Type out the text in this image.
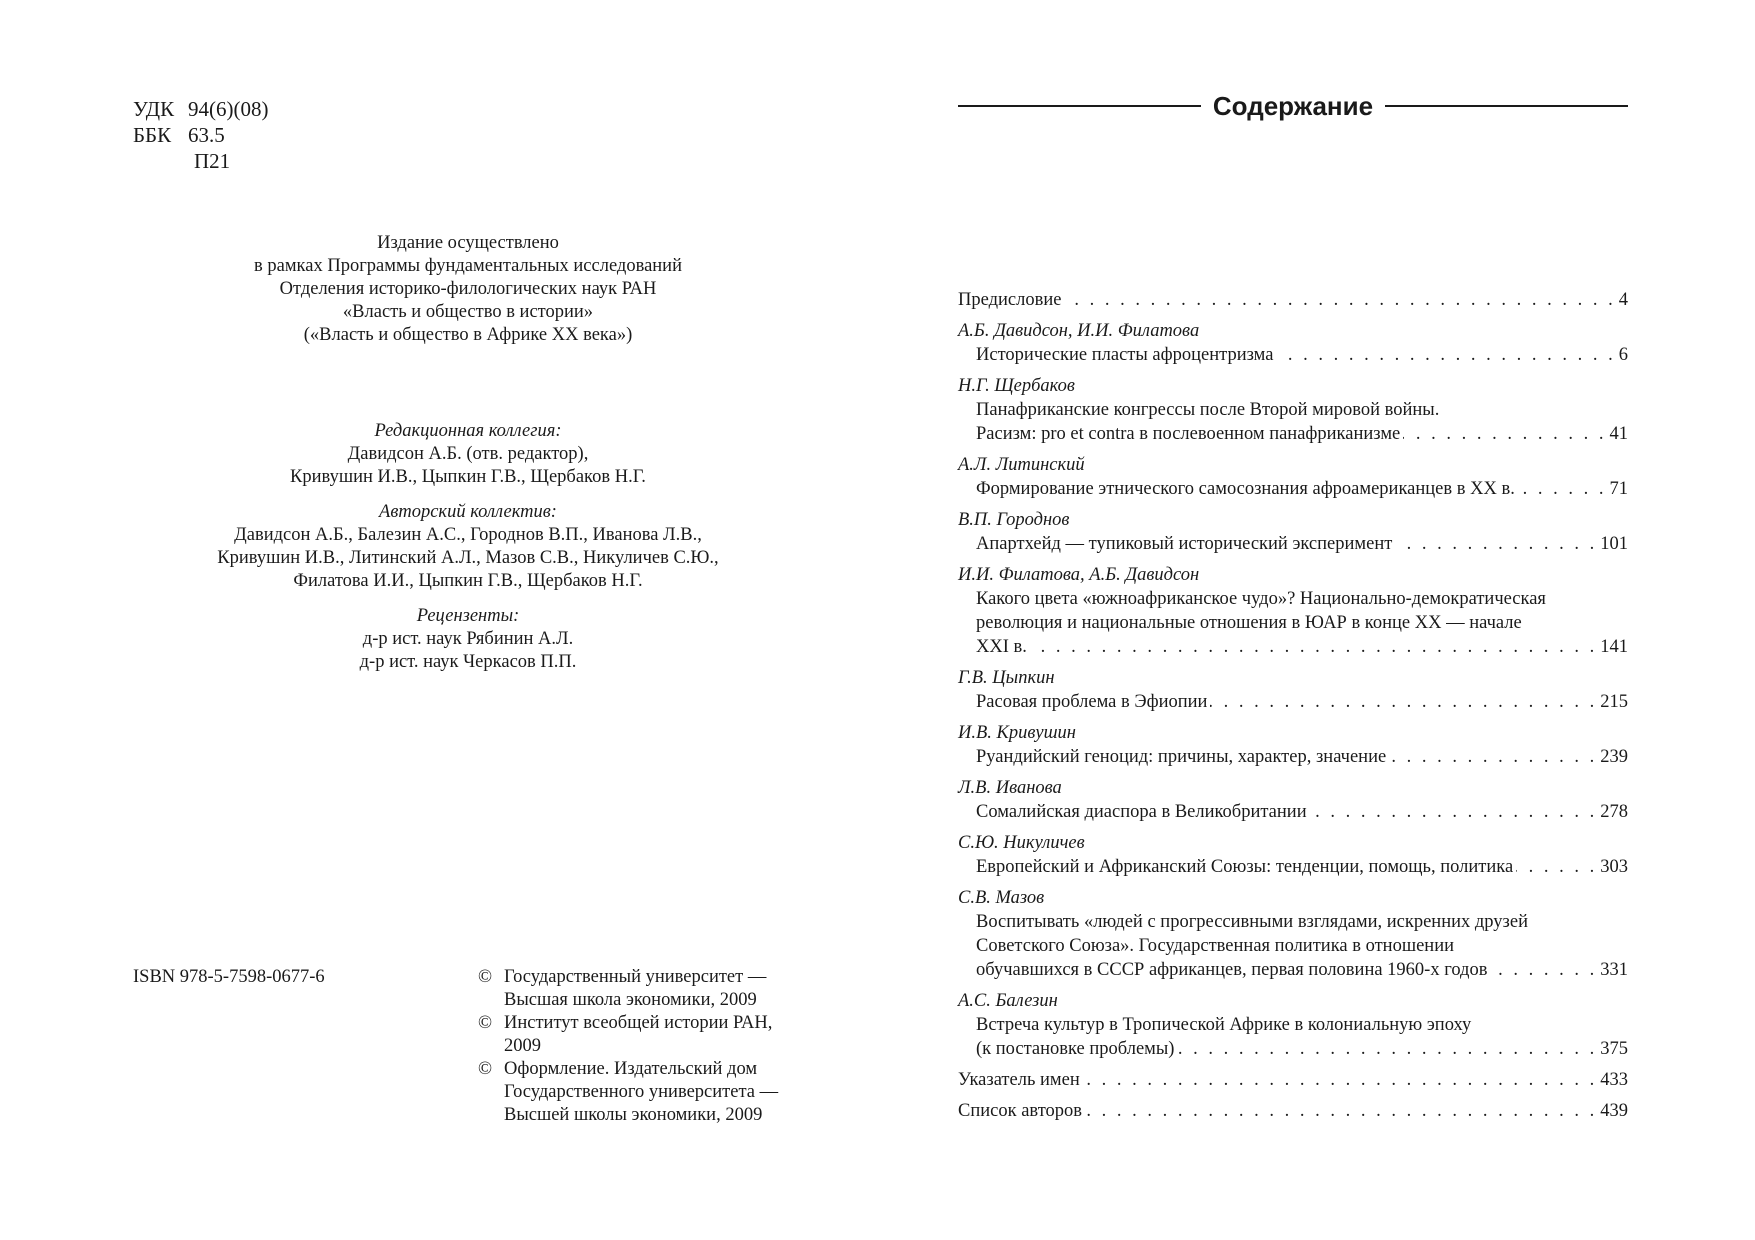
УДК 94(6)(08)
ББК 63.5
П21
Издание осуществлено
в рамках Программы фундаментальных исследований
Отделения историко-филологических наук РАН
«Власть и общество в истории»
(«Власть и общество в Африке XX века»)
Редакционная коллегия:
Давидсон А.Б. (отв. редактор),
Кривушин И.В., Цыпкин Г.В., Щербаков Н.Г.
Авторский коллектив:
Давидсон А.Б., Балезин А.С., Городнов В.П., Иванова Л.В.,
Кривушин И.В., Литинский А.Л., Мазов С.В., Никуличев С.Ю.,
Филатова И.И., Цыпкин Г.В., Щербаков Н.Г.
Рецензенты:
д-р ист. наук Рябинин А.Л.
д-р ист. наук Черкасов П.П.
ISBN 978-5-7598-0677-6	© Государственный университет —
Высшая школа экономики, 2009
© Институт всеобщей истории РАН,
2009
© Оформление. Издательский дом
Государственного университета —
Высшей школы экономики, 2009
Содержание
Предисловие . . .	4
А.Б. Давидсон, И.И. Филатова
Исторические пласты афроцентризма . . .	6
Н.Г. Щербаков
Панафриканские конгрессы после Второй мировой войны.
Расизм: pro et contra в послевоенном панафриканизме . . .	41
А.Л. Литинский
Формирование этнического самосознания афроамериканцев в XX в. . . .	71
В.П. Городнов
Апартхейд — тупиковый исторический эксперимент . . .	101
И.И. Филатова, А.Б. Давидсон
Какого цвета «южноафриканское чудо»? Национально-демократическая
революция и национальные отношения в ЮАР в конце XX — начале
XXI в. . . .	141
Г.В. Цыпкин
Расовая проблема в Эфиопии . . .	215
И.В. Кривушин
Руандийский геноцид: причины, характер, значение . . .	239
Л.В. Иванова
Сомалийская диаспора в Великобритании . . .	278
С.Ю. Никуличев
Европейский и Африканский Союзы: тенденции, помощь, политика . . .	303
С.В. Мазов
Воспитывать «людей с прогрессивными взглядами, искренних друзей
Советского Союза». Государственная политика в отношении
обучавшихся в СССР африканцев, первая половина 1960-х годов . . .	331
А.С. Балезин
Встреча культур в Тропической Африке в колониальную эпоху
(к постановке проблемы) . . .	375
Указатель имен . . .	433
Список авторов . . .	439
